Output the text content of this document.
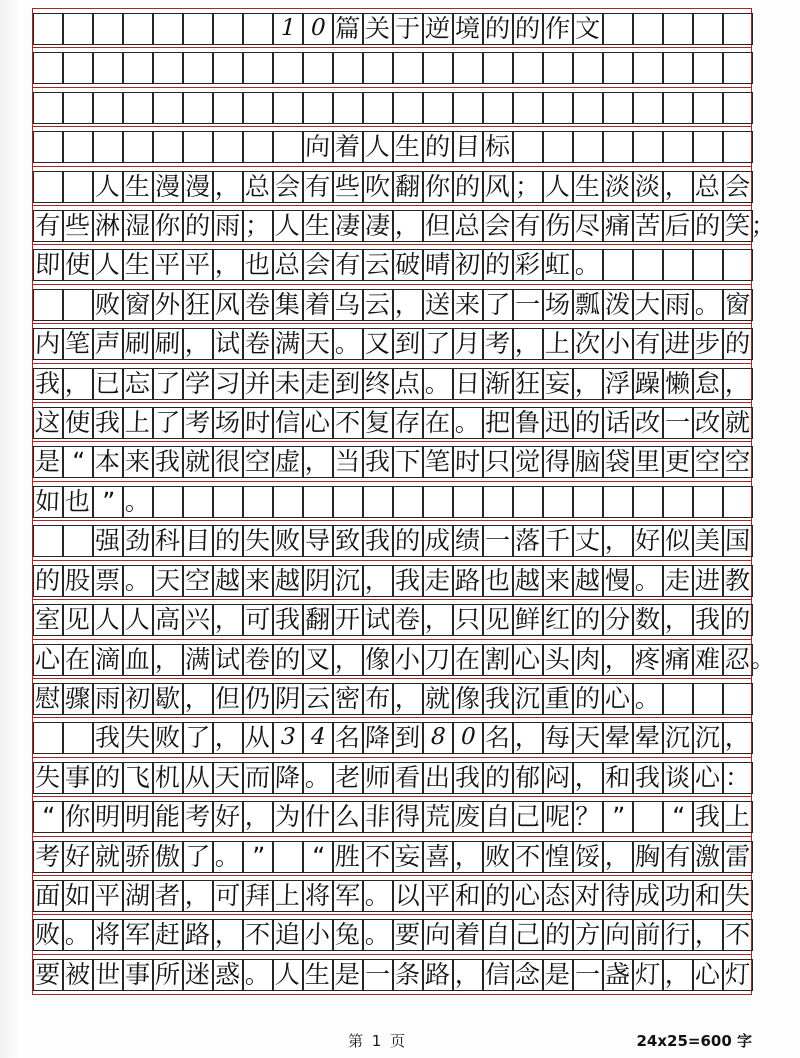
1 0 篇 关 于 逆 境 的 的 作 文
向 着 人 生 的 目 标
人 生 漫 漫 ， 总 会 有 些 吹 翻 你 的 风 ； 人 生 淡 淡 ， 总 会
有 些 淋 湿 你 的 雨 ； 人 生 凄 凄 ， 但 总 会 有 伤 尽 痛 苦 后 的 笑 ；
即 使 人 生 平 平 ， 也 总 会 有 云 破 晴 初 的 彩 虹 。
败 窗 外 狂 风 卷 集 着 乌 云 ， 送 来 了 一 场 瓢 泼 大 雨 。 窗
内 笔 声 刷 刷 ， 试 卷 满 天 。 又 到 了 月 考 ， 上 次 小 有 进 步 的
我 ， 已 忘 了 学 习 并 未 走 到 终 点 。 日 渐 狂 妄 ， 浮 躁 懒 怠 ，
这 使 我 上 了 考 场 时 信 心 不 复 存 在 。 把 鲁 迅 的 话 改 一 改 就
是 “ 本 来 我 就 很 空 虚 ， 当 我 下 笔 时 只 觉 得 脑 袋 里 更 空 空
如 也 ” 。
强 劲 科 目 的 失 败 导 致 我 的 成 绩 一 落 千 丈 ， 好 似 美 国
的 股 票 。 天 空 越 来 越 阴 沉 ， 我 走 路 也 越 来 越 慢 。 走 进 教
室 见 人 人 高 兴 ， 可 我 翻 开 试 卷 ， 只 见 鲜 红 的 分 数 ， 我 的
心 在 滴 血 ， 满 试 卷 的 叉 ， 像 小 刀 在 割 心 头 肉 ， 疼 痛 难 忍 。
慰 骤 雨 初 歇 ， 但 仍 阴 云 密 布 ， 就 像 我 沉 重 的 心 。
我 失 败 了 ， 从 3 4 名 降 到 8 0 名 ， 每 天 晕 晕 沉 沉 ，
失 事 的 飞 机 从 天 而 降 。 老 师 看 出 我 的 郁 闷 ， 和 我 谈 心 ：
“ 你 明 明 能 考 好 ， 为 什 么 非 得 荒 废 自 己 呢 ？ ” “ 我 上
考 好 就 骄 傲 了 。 ” “ 胜 不 妄 喜 ， 败 不 惶 馁 ， 胸 有 激 雷
面 如 平 湖 者 ， 可 拜 上 将 军 。 以 平 和 的 心 态 对 待 成 功 和 失
败 。 将 军 赶 路 ， 不 追 小 兔 。 要 向 着 自 己 的 方 向 前 行 ， 不
要 被 世 事 所 迷 惑 。 人 生 是 一 条 路 ， 信 念 是 一 盏 灯 ， 心 灯
第 1 页	24x25=600 字
